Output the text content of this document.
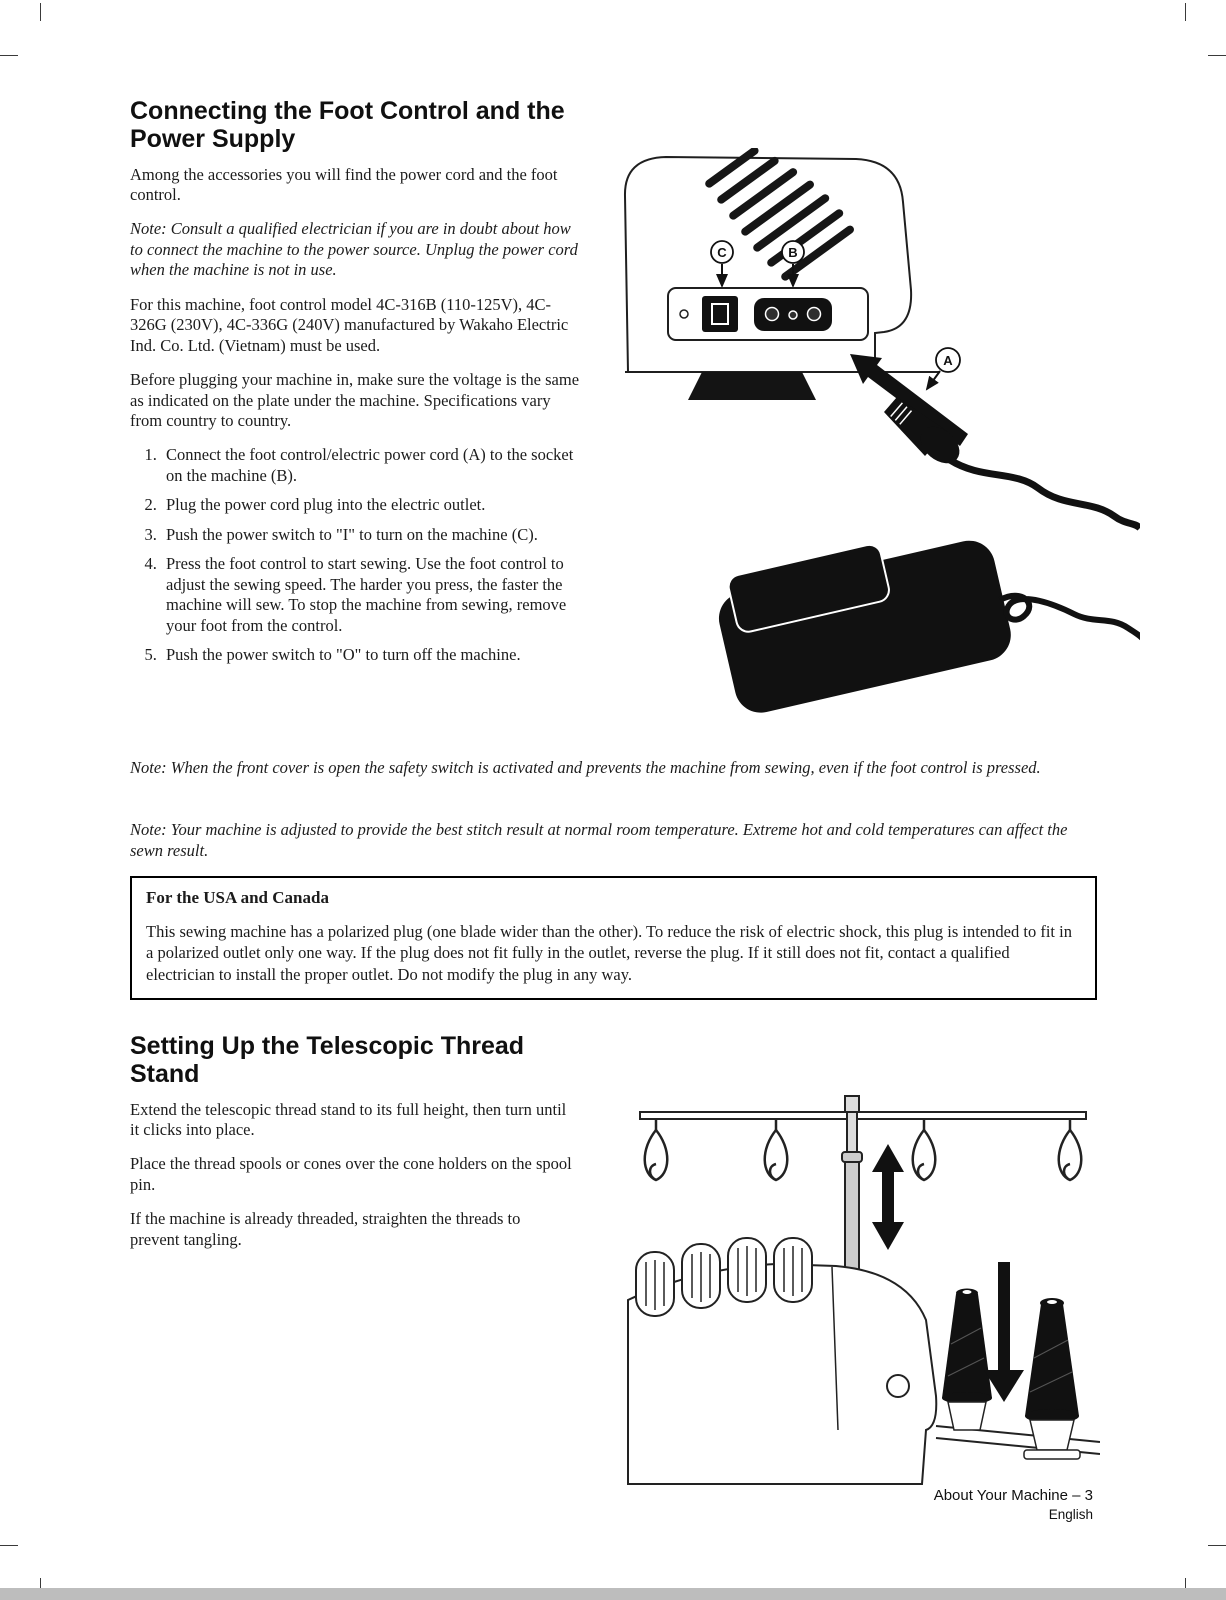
Connecting the Foot Control and the Power Supply

Among the accessories you will find the power cord and the foot control.

Note: Consult a qualified electrician if you are in doubt about how to connect the machine to the power source. Unplug the power cord when the machine is not in use.

For this machine, foot control model 4C-316B (110-125V), 4C-326G (230V), 4C-336G (240V) manufactured by Wakaho Electric Ind. Co. Ltd. (Vietnam) must be used.

Before plugging your machine in, make sure the voltage is the same as indicated on the plate under the machine. Specifications vary from country to country.

1. Connect the foot control/electric power cord (A) to the socket on the machine (B).
2. Plug the power cord plug into the electric outlet.
3. Push the power switch to "I" to turn on the machine (C).
4. Press the foot control to start sewing. Use the foot control to adjust the sewing speed. The harder you press, the faster the machine will sew. To stop the machine from sewing, remove your foot from the control.
5. Push the power switch to "O" to turn off the machine.
C	B
A

Note: When the front cover is open the safety switch is activated and prevents the machine from sewing, even if the foot control is pressed.

Note: Your machine is adjusted to provide the best stitch result at normal room temperature. Extreme hot and cold temperatures can affect the sewn result.

For the USA and Canada

This sewing machine has a polarized plug (one blade wider than the other). To reduce the risk of electric shock, this plug is intended to fit in a polarized outlet only one way. If the plug does not fit fully in the outlet, reverse the plug. If it still does not fit, contact a qualified electrician to install the proper outlet. Do not modify the plug in any way.

Setting Up the Telescopic Thread Stand

Extend the telescopic thread stand to its full height, then turn until it clicks into place.

Place the thread spools or cones over the cone holders on the spool pin.

If the machine is already threaded, straighten the threads to prevent tangling.

About Your Machine – 3
English
